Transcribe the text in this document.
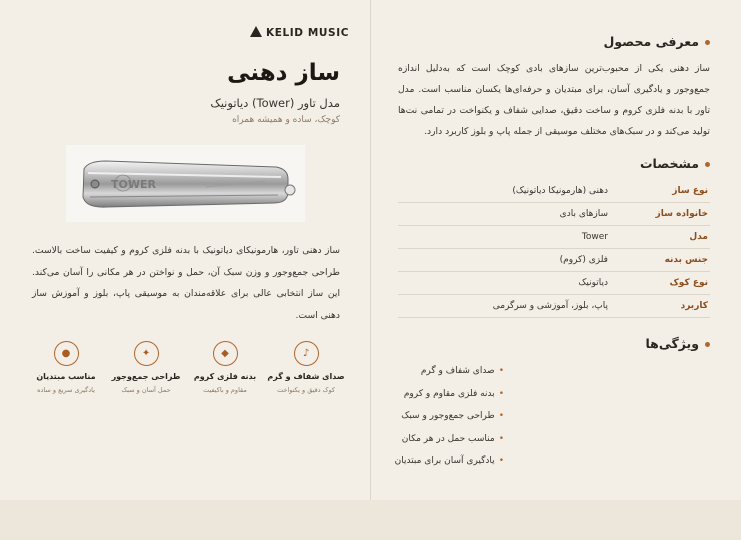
معرفی محصول
ساز دهنی یکی از محبوب‌ترین سازهای بادی کوچک است که به‌دلیل اندازه جمع‌وجور و یادگیری آسان، برای مبتدیان و حرفه‌ای‌ها یکسان مناسب است. مدل تاور با بدنه فلزی کروم و ساخت دقیق، صدایی شفاف و یکنواخت در تمامی نت‌ها تولید می‌کند و در سبک‌های مختلف موسیقی از جمله پاپ و بلوز کاربرد دارد.
مشخصات
نوع ساز	دهنی (هارمونیکا دیاتونیک)
خانواده ساز	سازهای بادی
مدل	Tower
جنس بدنه	فلزی (کروم)
نوع کوک	دیاتونیک
کاربرد	پاپ، بلوز، آموزشی و سرگرمی
ویژگی‌ها
•صدای شفاف و گرم
•بدنه فلزی مقاوم و کروم
•طراحی جمع‌وجور و سبک
•مناسب حمل در هر مکان
•یادگیری آسان برای مبتدیان
KELID MUSIC
ساز دهنی
مدل تاور (Tower) دیاتونیک
کوچک، ساده و همیشه همراه
TOWER
ساز دهنی تاور، هارمونیکای دیاتونیک با بدنه فلزی کروم و کیفیت ساخت بالاست. طراحی جمع‌وجور و وزن سبک آن، حمل و نواختن در هر مکانی را آسان می‌کند. این ساز انتخابی عالی برای علاقه‌مندان به موسیقی پاپ، بلوز و آموزش ساز دهنی است.
♪
صدای شفاف و گرم
کوک دقیق و یکنواخت
◆
بدنه فلزی کروم
مقاوم و باکیفیت
✦
طراحی جمع‌وجور
حمل آسان و سبک
●
مناسب مبتدیان
یادگیری سریع و ساده
